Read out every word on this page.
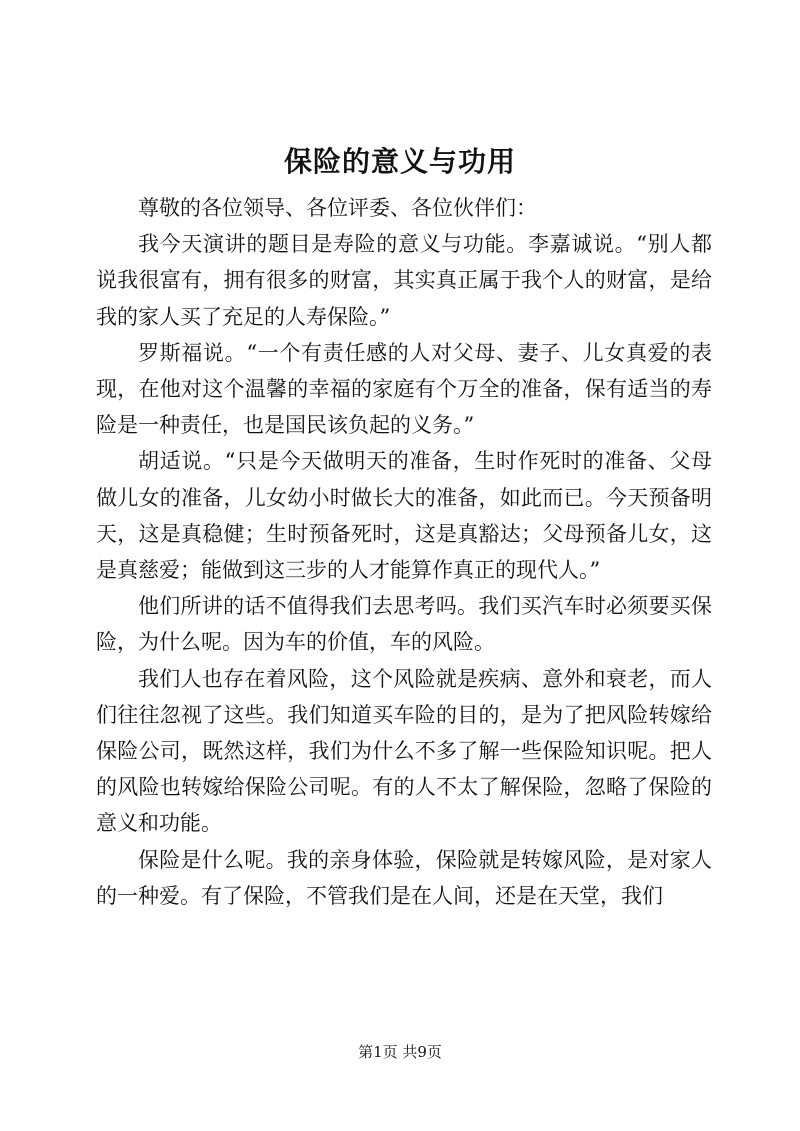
保险的意义与功用

尊敬的各位领导、各位评委、各位伙伴们：

我今天演讲的题目是寿险的意义与功能。李嘉诚说。“别人都说我很富有，拥有很多的财富，其实真正属于我个人的财富，是给我的家人买了充足的人寿保险。”

罗斯福说。“一个有责任感的人对父母、妻子、儿女真爱的表现，在他对这个温馨的幸福的家庭有个万全的准备，保有适当的寿险是一种责任，也是国民该负起的义务。”

胡适说。“只是今天做明天的准备，生时作死时的准备、父母做儿女的准备，儿女幼小时做长大的准备，如此而已。今天预备明天，这是真稳健；生时预备死时，这是真豁达；父母预备儿女，这是真慈爱；能做到这三步的人才能算作真正的现代人。”

他们所讲的话不值得我们去思考吗。我们买汽车时必须要买保险，为什么呢。因为车的价值，车的风险。

我们人也存在着风险，这个风险就是疾病、意外和衰老，而人们往往忽视了这些。我们知道买车险的目的，是为了把风险转嫁给保险公司，既然这样，我们为什么不多了解一些保险知识呢。把人的风险也转嫁给保险公司呢。有的人不太了解保险，忽略了保险的意义和功能。

保险是什么呢。我的亲身体验，保险就是转嫁风险，是对家人的一种爱。有了保险，不管我们是在人间，还是在天堂，我们

第1页 共9页
